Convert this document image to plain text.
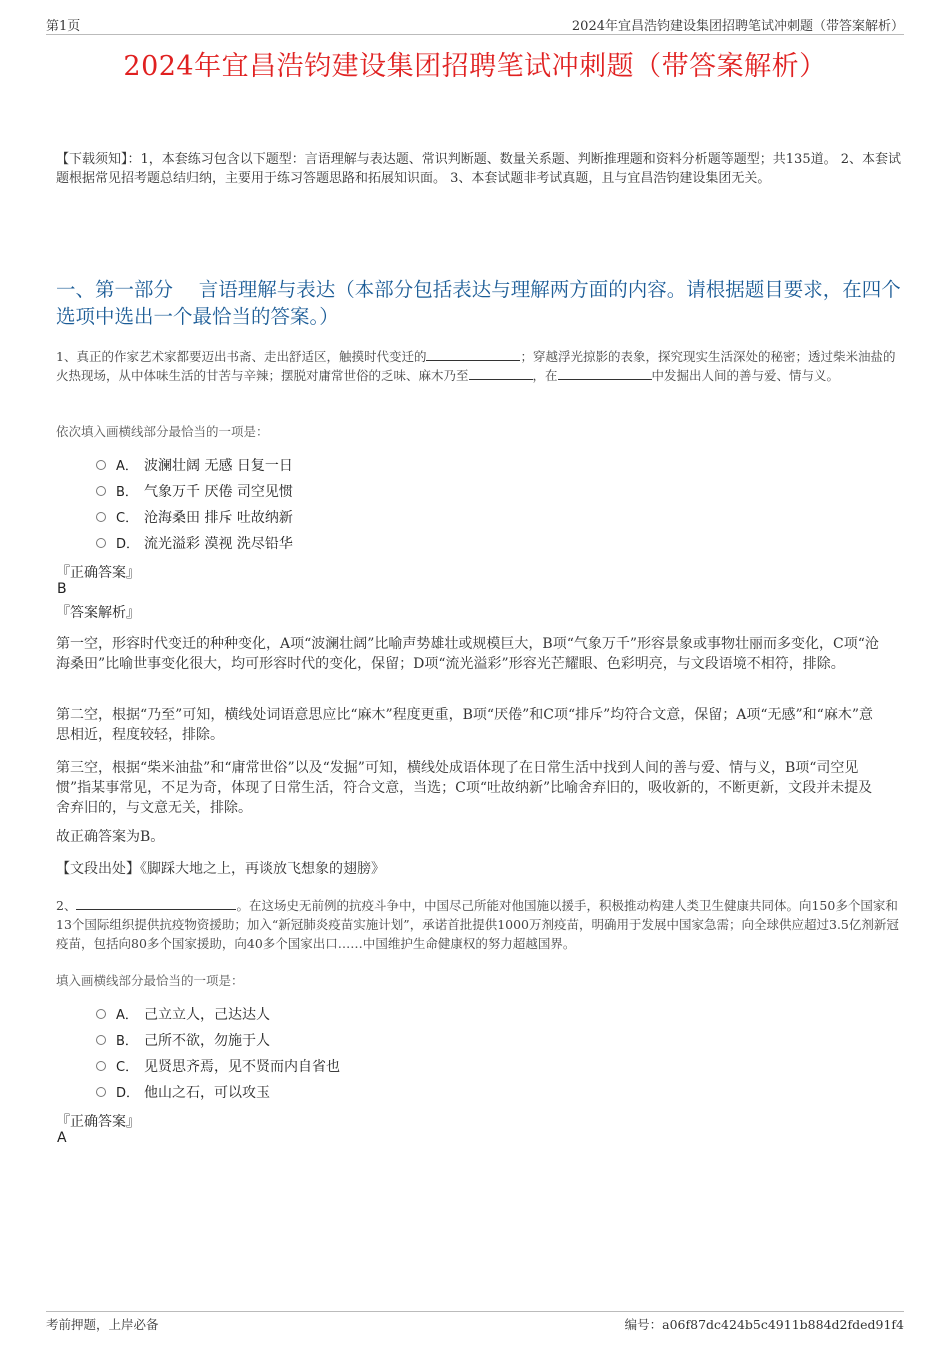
第1页	2024年宜昌浩钧建设集团招聘笔试冲刺题（带答案解析）
2024年宜昌浩钧建设集团招聘笔试冲刺题（带答案解析）
【下载须知】：1，本套练习包含以下题型：言语理解与表达题、常识判断题、数量关系题、判断推理题和资料分析题等题型；共135道。 2、本套试题根据常见招考题总结归纳，主要用于练习答题思路和拓展知识面。 3、本套试题非考试真题，且与宜昌浩钧建设集团无关。
一、第一部分　 言语理解与表达（本部分包括表达与理解两方面的内容。请根据题目要求，在四个选项中选出一个最恰当的答案。）
1、真正的作家艺术家都要迈出书斋、走出舒适区，触摸时代变迁的	；穿越浮光掠影的表象，探究现实生活深处的秘密；透过柴米油盐的火热现场，从中体味生活的甘苦与辛辣；摆脱对庸常世俗的乏味、麻木乃至	，在	中发掘出人间的善与爱、情与义。
依次填入画横线部分最恰当的一项是：
A． 波澜壮阔 无感 日复一日
B． 气象万千 厌倦 司空见惯
C． 沧海桑田 排斥 吐故纳新
D． 流光溢彩 漠视 洗尽铅华
『正确答案』
B
『答案解析』
第一空，形容时代变迁的种种变化，A项“波澜壮阔”比喻声势雄壮或规模巨大，B项“气象万千”形容景象或事物壮丽而多变化，C项“沧海桑田”比喻世事变化很大，均可形容时代的变化，保留；D项“流光溢彩”形容光芒耀眼、色彩明亮，与文段语境不相符，排除。
第二空，根据“乃至”可知，横线处词语意思应比“麻木”程度更重，B项“厌倦”和C项“排斥”均符合文意，保留；A项“无感”和“麻木”意思相近，程度较轻，排除。
第三空，根据“柴米油盐”和“庸常世俗”以及“发掘”可知，横线处成语体现了在日常生活中找到人间的善与爱、情与义，B项“司空见惯”指某事常见，不足为奇，体现了日常生活，符合文意，当选；C项“吐故纳新”比喻舍弃旧的，吸收新的，不断更新，文段并未提及舍弃旧的，与文意无关，排除。
故正确答案为B。
【文段出处】《脚踩大地之上，再谈放飞想象的翅膀》
2、	。在这场史无前例的抗疫斗争中，中国尽己所能对他国施以援手，积极推动构建人类卫生健康共同体。向150多个国家和13个国际组织提供抗疫物资援助；加入“新冠肺炎疫苗实施计划”，承诺首批提供1000万剂疫苗，明确用于发展中国家急需；向全球供应超过3.5亿剂新冠疫苗，包括向80多个国家援助，向40多个国家出口……中国维护生命健康权的努力超越国界。
填入画横线部分最恰当的一项是：
A． 己立立人，己达达人
B． 己所不欲，勿施于人
C． 见贤思齐焉，见不贤而内自省也
D． 他山之石，可以攻玉
『正确答案』
A
考前押题，上岸必备	编号：a06f87dc424b5c4911b884d2fded91f4
